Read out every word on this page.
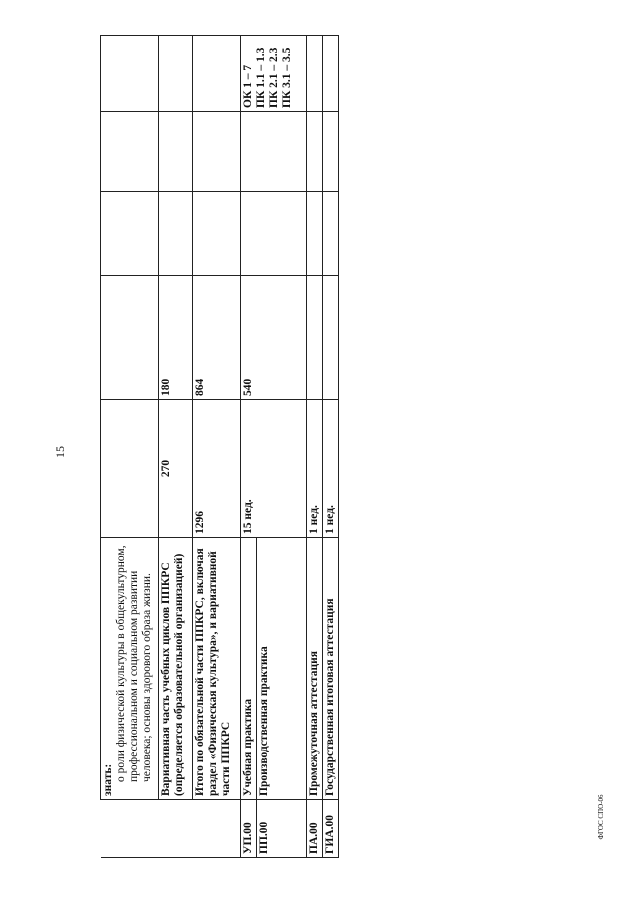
15
ФГОС СПО-06

	знать: о роли физической культуры в общекультурном, профессиональном и социальном развитии человека; основы здорового образа жизни.					

	Вариативная часть учебных циклов ППКРС (определяется образовательной организацией)	270	180			
	Итого по обязательной части ППКРС, включая раздел «Физическая культура», и вариативной части ППКРС	1296	864			
УП.00	Учебная практика	15 нед.	540			ОК 1 – 7 ПК 1.1 – 1.3 ПК 2.1 – 2.3 ПК 3.1 – 3.5

ПП.00	Производственная практика					
ПА.00	Промежуточная аттестация	1 нед.				
ГИА.00	Государственная итоговая аттестация	1 нед.				
